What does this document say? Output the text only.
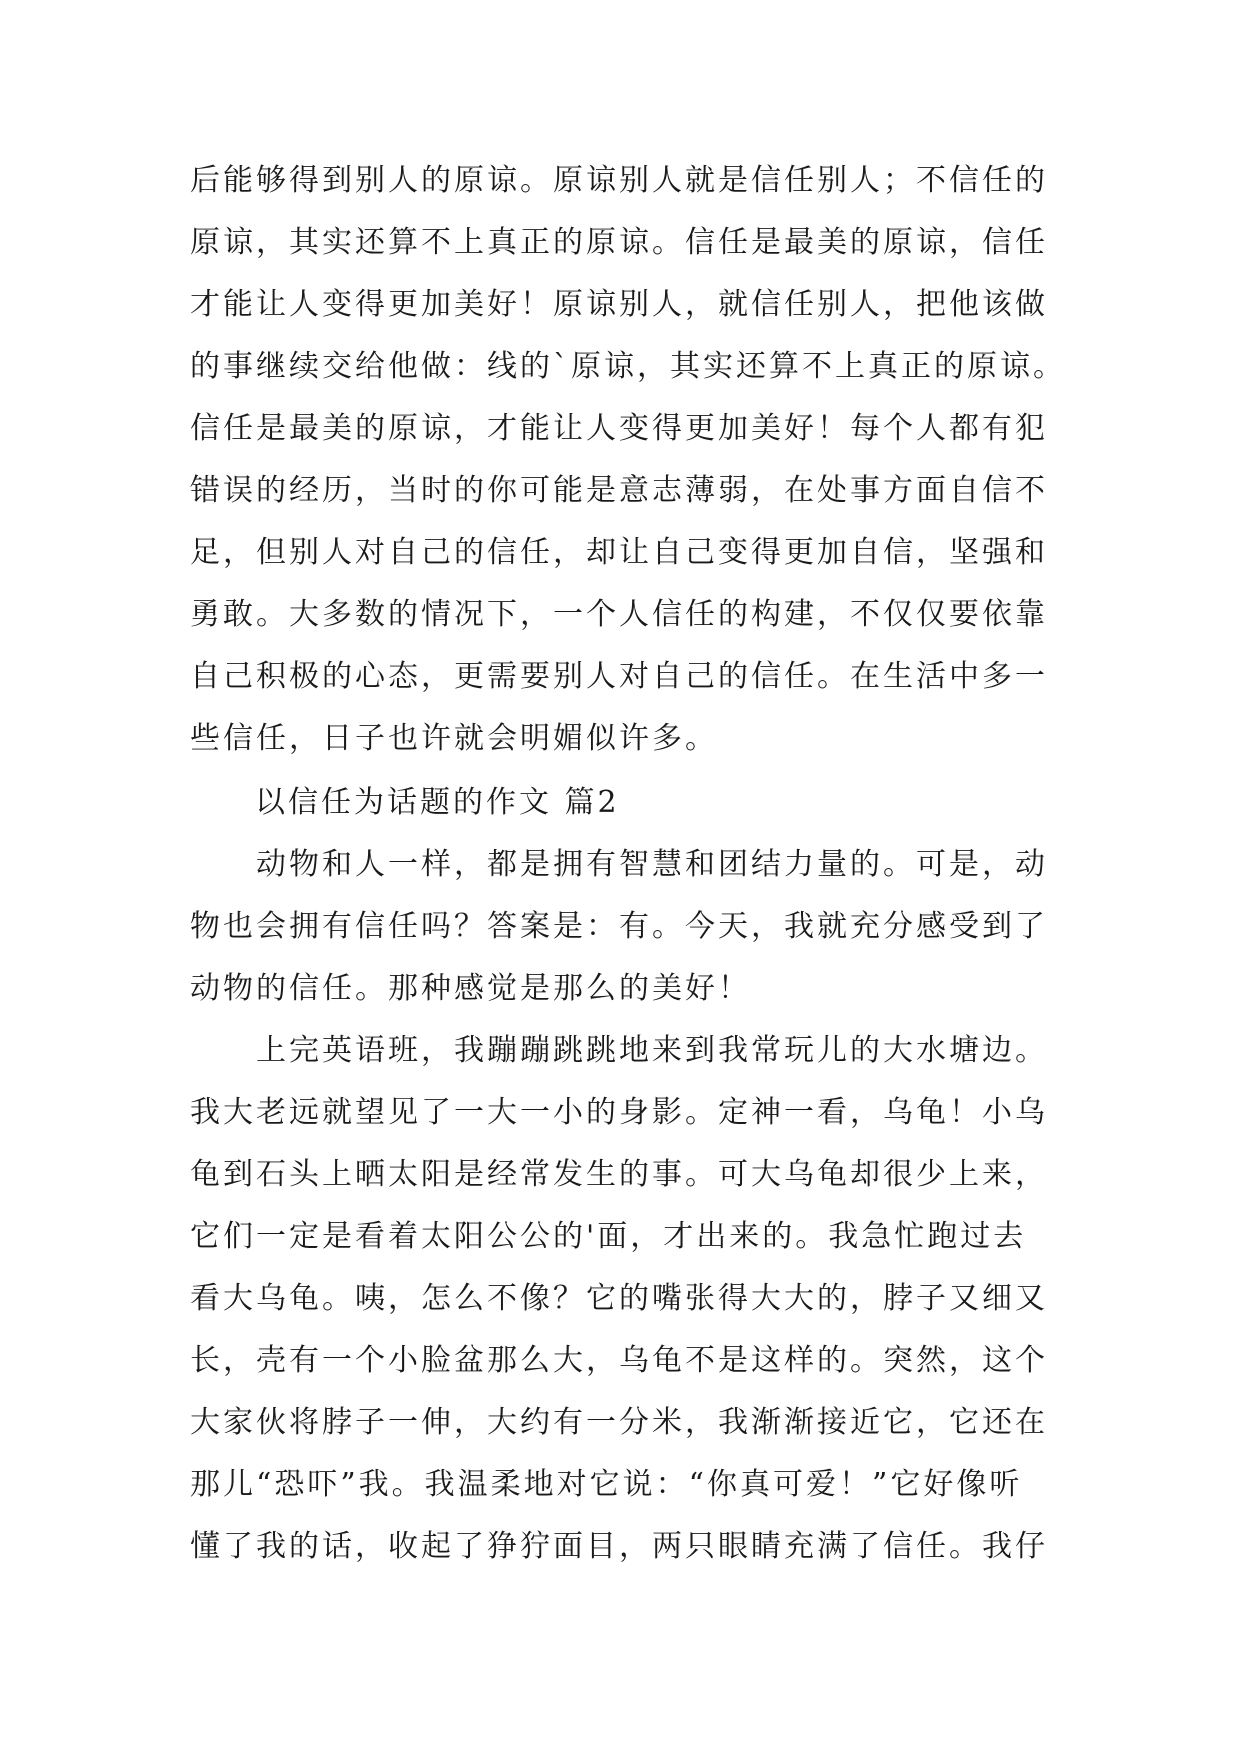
后能够得到别人的原谅。原谅别人就是信任别人；不信任的
原谅，其实还算不上真正的原谅。信任是最美的原谅，信任
才能让人变得更加美好！原谅别人，就信任别人，把他该做
的事继续交给他做：线的`原谅，其实还算不上真正的原谅。
信任是最美的原谅，才能让人变得更加美好！每个人都有犯
错误的经历，当时的你可能是意志薄弱，在处事方面自信不
足，但别人对自己的信任，却让自己变得更加自信，坚强和
勇敢。大多数的情况下，一个人信任的构建，不仅仅要依靠
自己积极的心态，更需要别人对自己的信任。在生活中多一
些信任，日子也许就会明媚似许多。
以信任为话题的作文 篇2
　　动物和人一样，都是拥有智慧和团结力量的。可是，动
物也会拥有信任吗？答案是：有。今天，我就充分感受到了
动物的信任。那种感觉是那么的美好！
　　上完英语班，我蹦蹦跳跳地来到我常玩儿的大水塘边。
我大老远就望见了一大一小的身影。定神一看，乌龟！小乌
龟到石头上晒太阳是经常发生的事。可大乌龟却很少上来，
它们一定是看着太阳公公的'面，才出来的。我急忙跑过去
看大乌龟。咦，怎么不像？它的嘴张得大大的，脖子又细又
长，壳有一个小脸盆那么大，乌龟不是这样的。突然，这个
大家伙将脖子一伸，大约有一分米，我渐渐接近它，它还在
那儿“恐吓”我。我温柔地对它说：“你真可爱！”它好像听
懂了我的话，收起了狰狞面目，两只眼睛充满了信任。我仔
